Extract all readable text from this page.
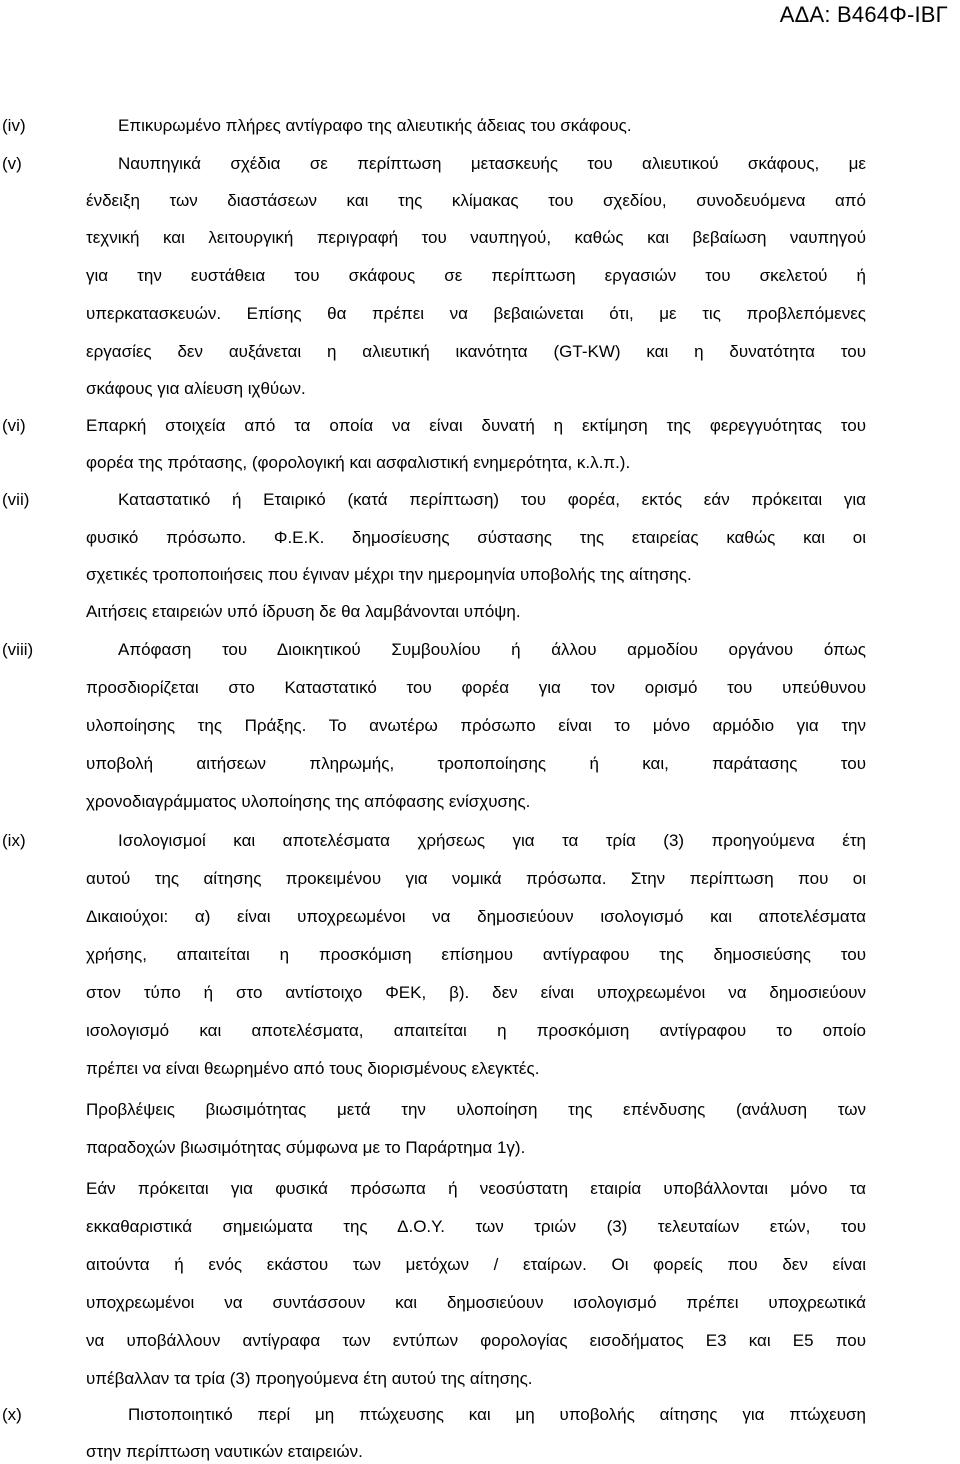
ΑΔΑ: Β464Φ-ΙΒΓ
(iv)
(v)
(vi)
(vii)
(viii)
(ix)
(x)
Επικυρωμένο πλήρες αντίγραφο της αλιευτικής άδειας του σκάφους.
Ναυπηγικά σχέδια σε περίπτωση μετασκευής του αλιευτικού σκάφους, με
ένδειξη των διαστάσεων και της κλίμακας του σχεδίου, συνοδευόμενα από
τεχνική και λειτουργική περιγραφή του ναυπηγού, καθώς και βεβαίωση ναυπηγού
για την ευστάθεια του σκάφους σε περίπτωση εργασιών του σκελετού ή
υπερκατασκευών. Επίσης θα πρέπει να βεβαιώνεται ότι, με τις προβλεπόμενες
εργασίες δεν αυξάνεται η αλιευτική ικανότητα (GT-KW) και η δυνατότητα του
σκάφους για αλίευση ιχθύων.
Επαρκή στοιχεία από τα οποία να είναι δυνατή η εκτίμηση της φερεγγυότητας του
φορέα της πρότασης, (φορολογική και ασφαλιστική ενημερότητα, κ.λ.π.).
Καταστατικό ή Εταιρικό (κατά περίπτωση) του φορέα, εκτός εάν πρόκειται για
φυσικό πρόσωπο. Φ.Ε.Κ. δημοσίευσης σύστασης της εταιρείας καθώς και οι
σχετικές τροποποιήσεις που έγιναν μέχρι την ημερομηνία υποβολής της αίτησης.
Αιτήσεις εταιρειών υπό ίδρυση δε θα λαμβάνονται υπόψη.
Απόφαση του Διοικητικού Συμβουλίου ή άλλου αρμοδίου οργάνου όπως
προσδιορίζεται στο Καταστατικό του φορέα για τον ορισμό του υπεύθυνου
υλοποίησης της Πράξης. Το ανωτέρω πρόσωπο είναι το μόνο αρμόδιο για την
υποβολή αιτήσεων πληρωμής, τροποποίησης ή και, παράτασης του
χρονοδιαγράμματος υλοποίησης της απόφασης ενίσχυσης.
Ισολογισμοί και αποτελέσματα χρήσεως για τα τρία (3) προηγούμενα έτη
αυτού της αίτησης προκειμένου για νομικά πρόσωπα. Στην περίπτωση που οι
Δικαιούχοι: α) είναι υποχρεωμένοι να δημοσιεύουν ισολογισμό και αποτελέσματα
χρήσης, απαιτείται η προσκόμιση επίσημου αντίγραφου της δημοσιεύσης του
στον τύπο ή στο αντίστοιχο ΦΕΚ, β). δεν είναι υποχρεωμένοι να δημοσιεύουν
ισολογισμό και αποτελέσματα, απαιτείται η προσκόμιση αντίγραφου το οποίο
πρέπει να είναι θεωρημένο από τους διορισμένους ελεγκτές.
Προβλέψεις βιωσιμότητας μετά την υλοποίηση της επένδυσης (ανάλυση των
παραδοχών βιωσιμότητας σύμφωνα με το Παράρτημα 1γ).
Εάν πρόκειται για φυσικά πρόσωπα ή νεοσύστατη εταιρία υποβάλλονται μόνο τα
εκκαθαριστικά σημειώματα της Δ.Ο.Υ. των τριών (3) τελευταίων ετών, του
αιτούντα ή ενός εκάστου των μετόχων / εταίρων. Οι φορείς που δεν είναι
υποχρεωμένοι να συντάσσουν και δημοσιεύουν ισολογισμό πρέπει υποχρεωτικά
να υποβάλλουν αντίγραφα των εντύπων φορολογίας εισοδήματος Ε3 και Ε5 που
υπέβαλλαν τα τρία (3) προηγούμενα έτη αυτού της αίτησης.
Πιστοποιητικό περί μη πτώχευσης και μη υποβολής αίτησης για πτώχευση
στην περίπτωση ναυτικών εταιρειών.
